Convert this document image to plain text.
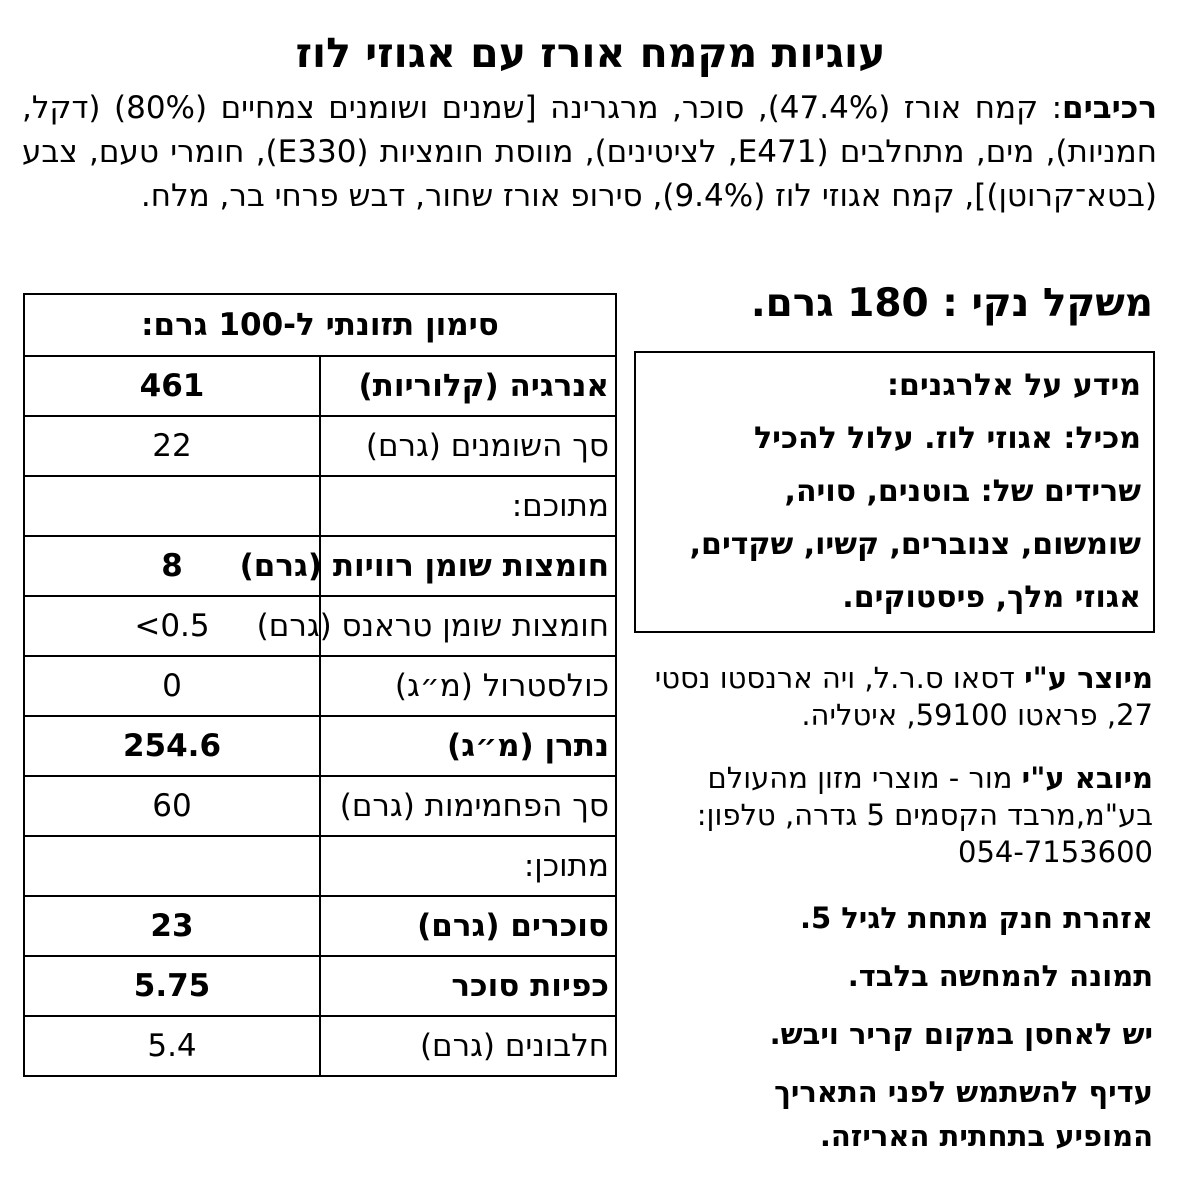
עוגיות מקמח אורז עם אגוזי לוז
רכיבים: קמח אורז (47.4%), סוכר, מרגרינה [שמנים ושומנים צמחיים (80%) (דקל, חמניות), מים, מתחלבים (E471, לציטינים), מווסת חומציות (E330), חומרי טעם, צבע (בטא־קרוטן)], קמח אגוזי לוז (9.4%), סירופ אורז שחור, דבש פרחי בר, מלח.
משקל נקי : 180 גרם.
סימון תזונתי ל-100 גרם:	
אנרגיה (קלוריות)	461
סך השומנים (גרם)	22
מתוכם:	
חומצות שומן רוויות (גרם)	8
חומצות שומן טראנס (גרם)	0.5>
כולסטרול (מ״ג)	0
נתרן (מ״ג)	254.6
סך הפחמימות (גרם)	60
מתוכן:	
סוכרים (גרם)	23
כפיות סוכר	5.75
חלבונים (גרם)	5.4
מידע על אלרגנים:
מכיל: אגוזי לוז. עלול להכיל
שרידים של: בוטנים, סויה,
שומשום, צנוברים, קשיו, שקדים,
אגוזי מלך, פיסטוקים.
מיוצר ע"י דסאו ס.ר.ל, ויה ארנסטו נסטי 27, פראטו 59100, איטליה.
מיובא ע"י מור - מוצרי מזון מהעולם בע"מ,מרבד הקסמים 5 גדרה, טלפון: 054-7153600
אזהרת חנק מתחת לגיל 5.
תמונה להמחשה בלבד.
יש לאחסן במקום קריר ויבש.
עדיף להשתמש לפני התאריך
המופיע בתחתית האריזה.
